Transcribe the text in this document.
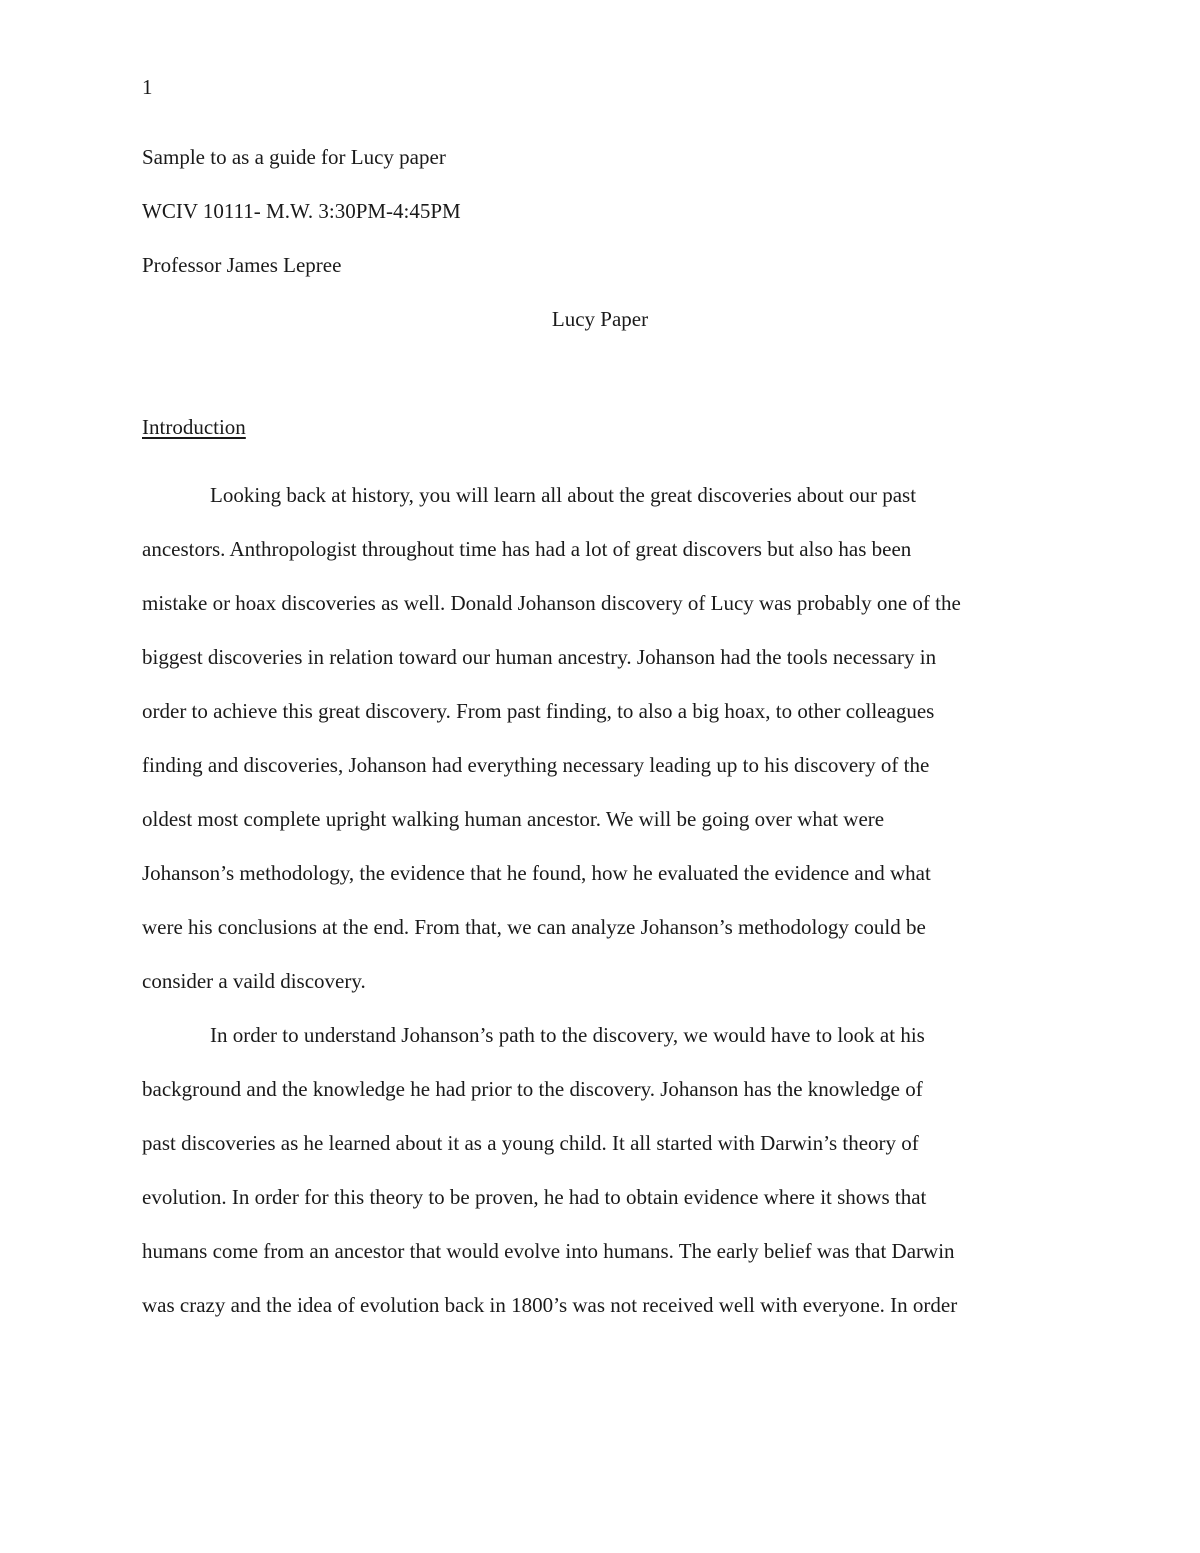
1
Sample to as a guide for Lucy paper
WCIV 10111- M.W. 3:30PM-4:45PM
Professor James Lepree
Lucy Paper
Introduction
Looking back at history, you will learn all about the great discoveries about our past
ancestors. Anthropologist throughout time has had a lot of great discovers but also has been
mistake or hoax discoveries as well. Donald Johanson discovery of Lucy was probably one of the
biggest discoveries in relation toward our human ancestry. Johanson had the tools necessary in
order to achieve this great discovery. From past finding, to also a big hoax, to other colleagues
finding and discoveries, Johanson had everything necessary leading up to his discovery of the
oldest most complete upright walking human ancestor. We will be going over what were
Johanson’s methodology, the evidence that he found, how he evaluated the evidence and what
were his conclusions at the end. From that, we can analyze Johanson’s methodology could be
consider a vaild discovery.
In order to understand Johanson’s path to the discovery, we would have to look at his
background and the knowledge he had prior to the discovery. Johanson has the knowledge of
past discoveries as he learned about it as a young child. It all started with Darwin’s theory of
evolution. In order for this theory to be proven, he had to obtain evidence where it shows that
humans come from an ancestor that would evolve into humans. The early belief was that Darwin
was crazy and the idea of evolution back in 1800’s was not received well with everyone. In order
